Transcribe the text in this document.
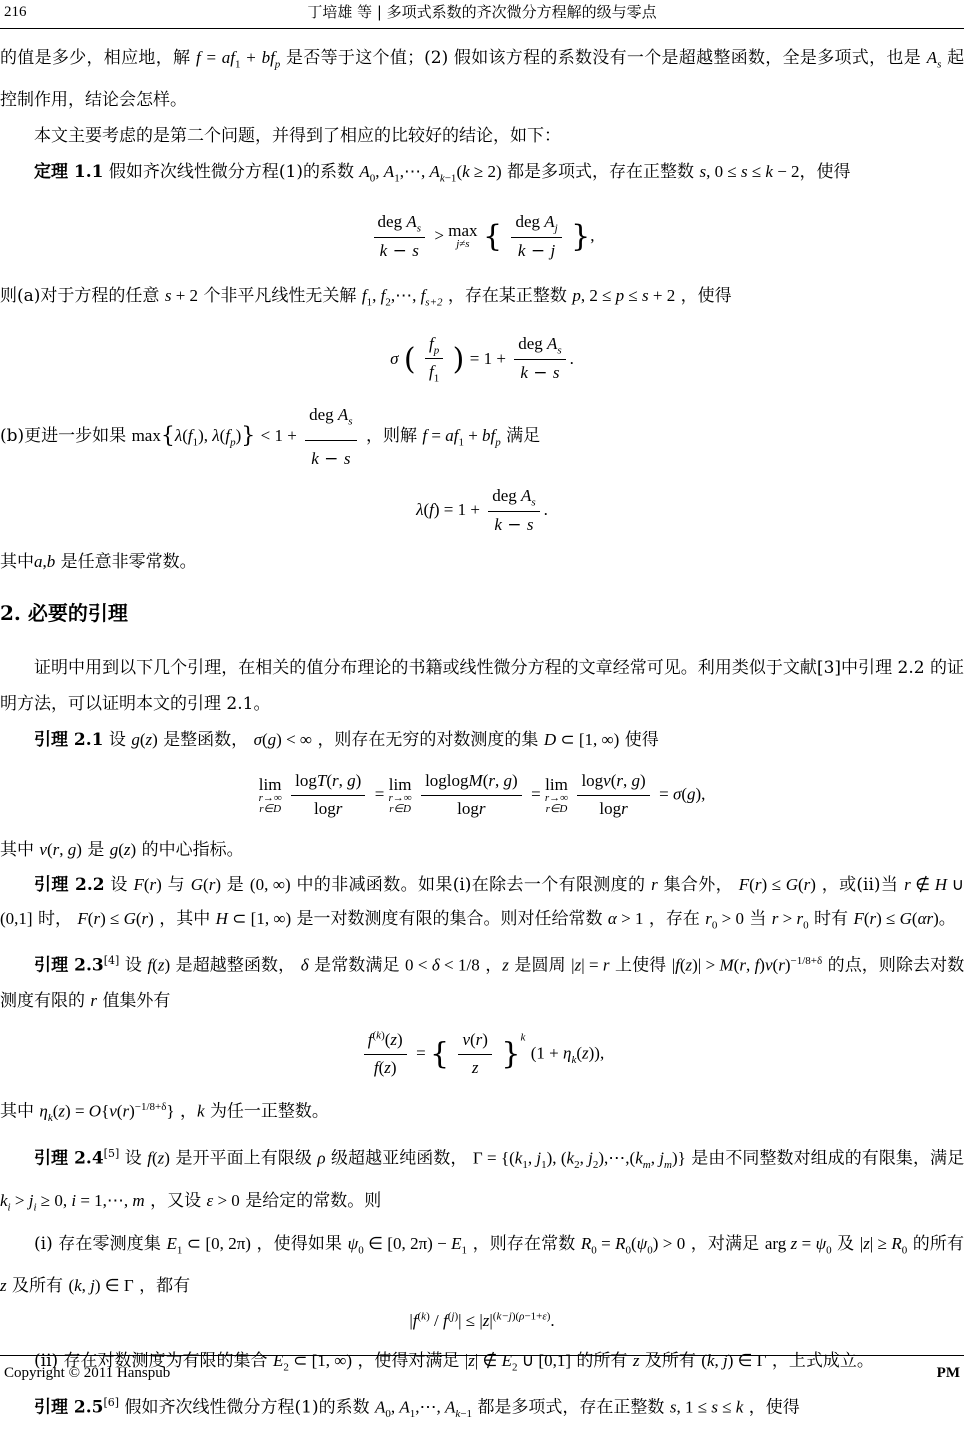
216	丁培雄 等 | 多项式系数的齐次微分方程解的级与零点

的值是多少，相应地，解 $f = af_1 + bf_p$ 是否等于这个值；(2) 假如该方程的系数没有一个是超越整函数，全是多项式，也是 $A_s$ 起控制作用，结论会怎样。

本文主要考虑的是第二个问题，并得到了相应的比较好的结论，如下：

定理 1.1 假如齐次线性微分方程(1)的系数 $A_0$, $A_1,\cdots$, $A_{k-1}(k \ge 2)$ 都是多项式，存在正整数 s, 0 ≤ s ≤ k − 2，使得

$\frac{deg A_s}{k - s} > \max$
j≠s { $\frac{deg A_j}{k - j}$ },

则(a)对于方程的任意 s + 2 个非平凡线性无关解 $f_1$, $f_2,\cdots$, $f_{s+2}$ ，存在某正整数 p, 2 ≤ p ≤ s + 2 ，使得

σ ( $\frac{f_p}{f_1}$ ) = $1 + \frac{deg A_s}{k - s}$ .

(b)更进一步如果 $\max\{\lambda(f_1)$, $\lambda(f_p)\} < 1 + \frac{deg A_s}{k - s}$ ，则解 $f = af_1 + bf_p$ 满足

$\lambda(f) = 1 + \frac{deg A_s}{k - s}$ .

其中a,b 是任意非零常数。

2. 必要的引理

证明中用到以下几个引理，在相关的值分布理论的书籍或线性微分方程的文章经常可见。利用类似于文献[3]中引理 2.2 的证明方法，可以证明本文的引理 2.1。

引理 2.1 设 g(z) 是整函数， σ(g) < ∞ ，则存在无穷的对数测度的集 D ⊂ [1, ∞) 使得

lim
r→∞
r∈D
$\frac{\log T(r, g)}{\log r}$ =
lim
r→∞
r∈D
$\frac{\text{loglogM(r, g)}}{\log r}$ =
lim
r→∞
r∈D
$\frac{\log v(r, g)}{\log r} = \sigma(g)$,

其中 v(r, g) 是 g(z) 的中心指标。

引理 2.2 设 F(r) 与 G(r) 是 (0, ∞) 中的非减函数。如果(i)在除去一个有限测度的 r 集合外， F(r) ≤ G(r) ，或(ii)当 r ∉ H ∪ (0,1] 时， F(r) ≤ G(r) ，其中 H ⊂ [1, ∞) 是一对数测度有限的集合。则对任给常数 α > 1 ，存在 $r_0 > 0$ 当 $r > r_0$ 时有 F(r) ≤ G(αr)。

引理 2.3[4] 设 f(z) 是超越整函数， δ 是常数满足 0 < δ < 1/8 ，z 是圆周 |z| = r 上使得 |f(z)| > M(r, $f)v(r)^{-1/8+\delta}$ 的点，则除去对数测度有限的 r 值集外有

$\frac{f^{(k)}(z)}{f(z)}$ = { $\frac{v(r)}{z} \}^k$ $(1 + \eta_k(z))$,

其中 $\eta_k(z) = O\{v(r)^{-1/8+\delta}\}$ ，k 为任一正整数。

引理 2.4[5] 设 f(z) 是开平面上有限级 ρ 级超越亚纯函数， $\Gamma = \{(k_1$, $j_1$), ($k_2$, $j_2),\cdots,(k_m$, $j_m$)} 是由不同整数对组成的有限集，满足 $k_i > j_i \ge 0$, i = 1,⋯, m ，又设 ε > 0 是给定的常数。则

(i) 存在零测度集 $E_1$ ⊂ [0, 2π) ，使得如果 $\psi_0$ ∈ [0, $2\pi) - E_1$ ，则存在常数 $R_0 = R_0(\psi_0) > 0$ ，对满足 arg $z = \psi_0$ 及 $|z| \ge R_0$ 的所有 z 及所有 (k, j) ∈ Γ ，都有

$|f^{(k)} / f^{(j)}| \le |z|^{(k-j)(\rho-1+\varepsilon)}$.

(ii) 存在对数测度为有限的集合 $E_2$ ⊂ [1, ∞) ，使得对满足 |z| ∉ $E_2$ ∪ [0,1] 的所有 z 及所有 (k, j) ∈ Γ ，上式成立。

引理 2.5[6] 假如齐次线性微分方程(1)的系数 $A_0$, $A_1,\cdots$, $A_{k-1}$ 都是多项式，存在正整数 s, 1 ≤ s ≤ k ，使得

Copyright © 2011 Hanspub	PM
